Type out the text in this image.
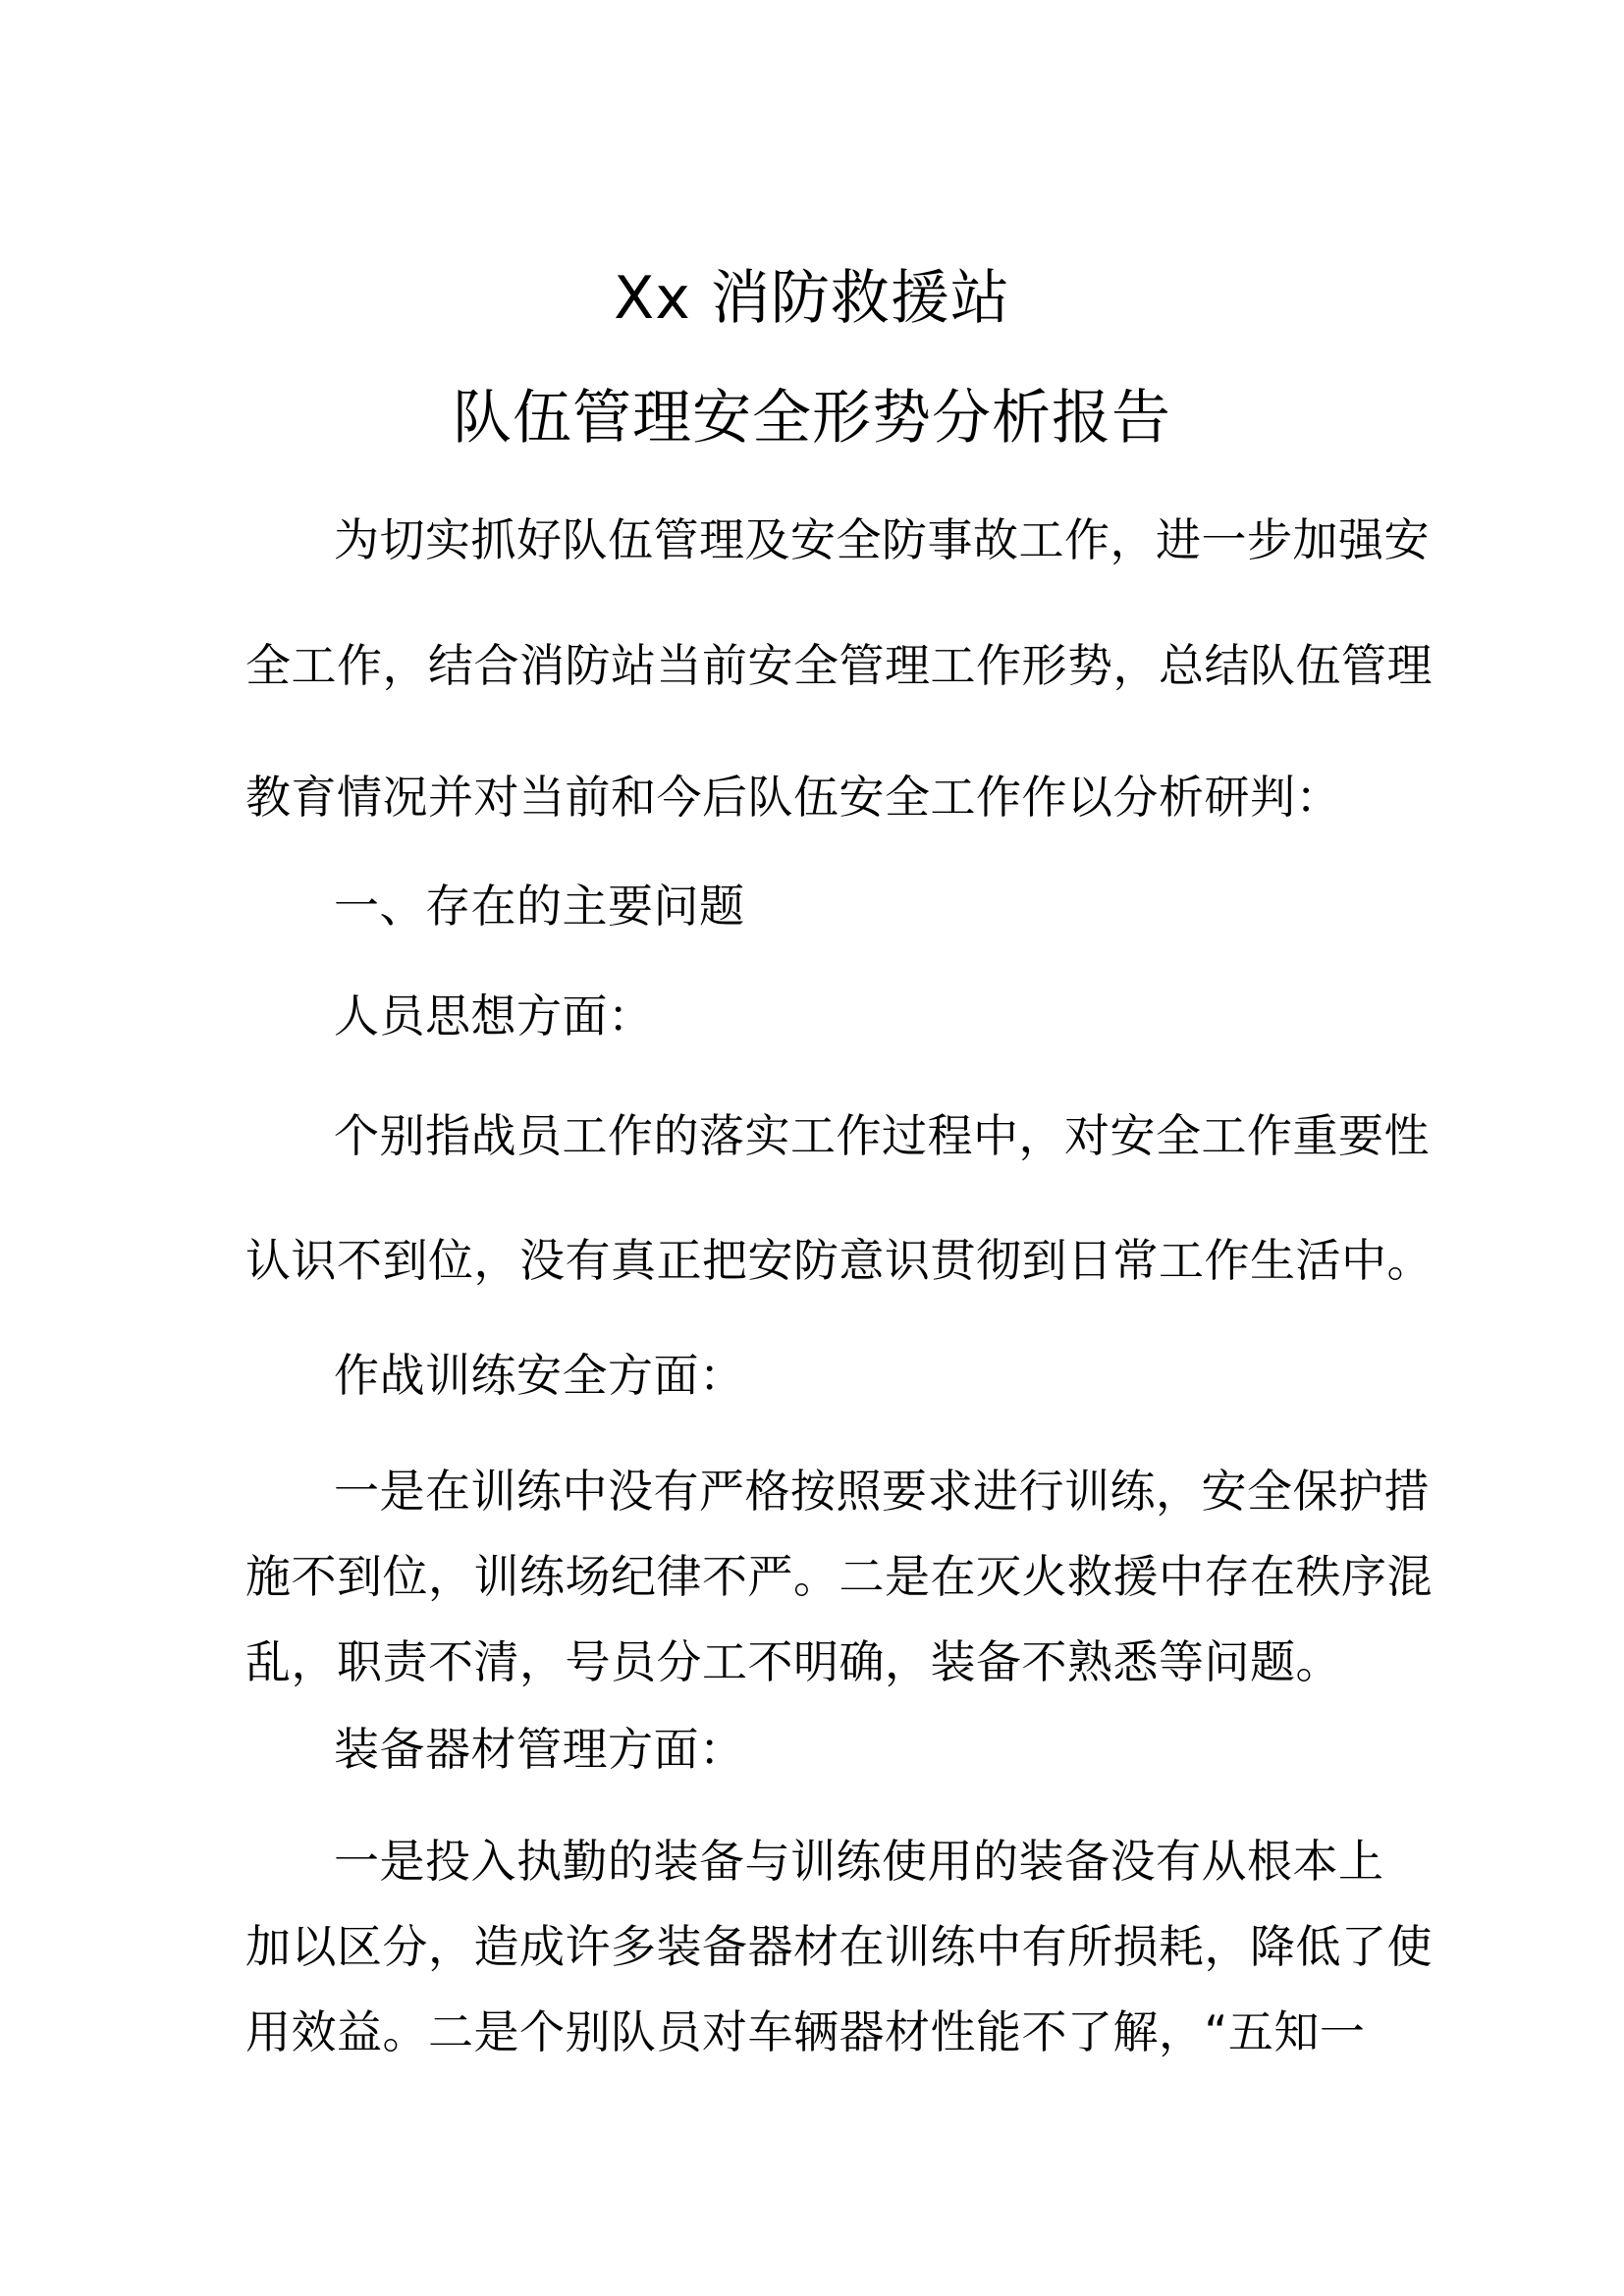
Xx 消防救援站
队伍管理安全形势分析报告
为切实抓好队伍管理及安全防事故工作，进一步加强安
全工作，结合消防站当前安全管理工作形势，总结队伍管理
教育情况并对当前和今后队伍安全工作作以分析研判：
一、存在的主要问题
人员思想方面：
个别指战员工作的落实工作过程中，对安全工作重要性
认识不到位，没有真正把安防意识贯彻到日常工作生活中。
作战训练安全方面：
一是在训练中没有严格按照要求进行训练，安全保护措
施不到位，训练场纪律不严。二是在灭火救援中存在秩序混
乱，职责不清，号员分工不明确，装备不熟悉等问题。
装备器材管理方面：
一是投入执勤的装备与训练使用的装备没有从根本上
加以区分，造成许多装备器材在训练中有所损耗，降低了使
用效益。二是个别队员对车辆器材性能不了解，“五知一
